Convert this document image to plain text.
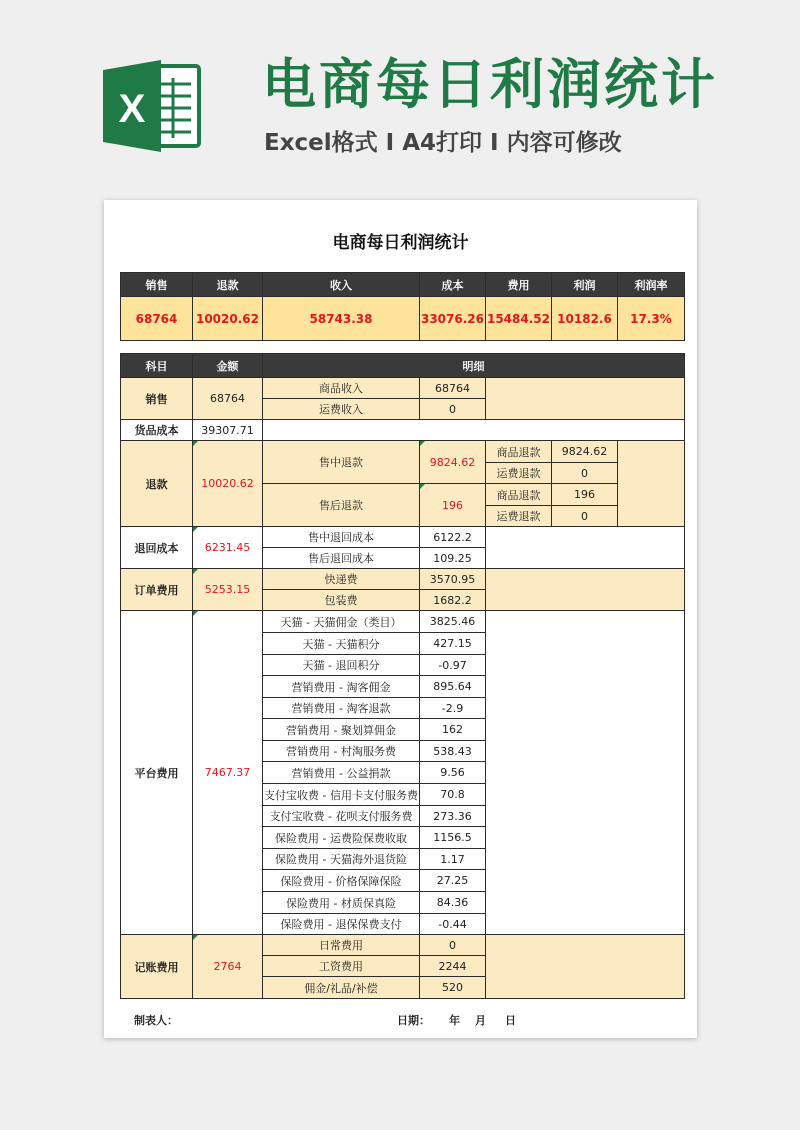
X 电商每日利润统计
Excel格式 I A4打印 I 内容可修改
电商每日利润统计
销售	退款	收入	成本	费用	利润	利润率
68764	10020.62	58743.38	33076.26	15484.52	10182.6	17.3%
科目	金额	明细				
销售	68764	商品收入	68764			
		运费收入	0			
货品成本	39307.71					
退款	10020.62	售中退款	9824.62	商品退款	9824.62	
				运费退款	0	
		售后退款	196	商品退款	196	
				运费退款	0	
退回成本	6231.45	售中退回成本	6122.2			
		售后退回成本	109.25			
订单费用	5253.15	快递费	3570.95			
		包装费	1682.2			
平台费用	7467.37	天猫 - 天猫佣金（类目）	3825.46			
		天猫 - 天猫积分	427.15			
		天猫 - 退回积分	-0.97			
		营销费用 - 淘客佣金	895.64			
		营销费用 - 淘客退款	-2.9			
		营销费用 - 聚划算佣金	162			
		营销费用 - 村淘服务费	538.43			
		营销费用 - 公益捐款	9.56			
		支付宝收费 - 信用卡支付服务费	70.8			
		支付宝收费 - 花呗支付服务费	273.36			
		保险费用 - 运费险保费收取	1156.5			
		保险费用 - 天猫海外退货险	1.17			
		保险费用 - 价格保障保险	27.25			
		保险费用 - 材质保真险	84.36			
		保险费用 - 退保保费支付	-0.44			
记账费用	2764	日常费用	0			
		工资费用	2244			
		佣金/礼品/补偿	520			
制表人：	日期： 年 月 日
